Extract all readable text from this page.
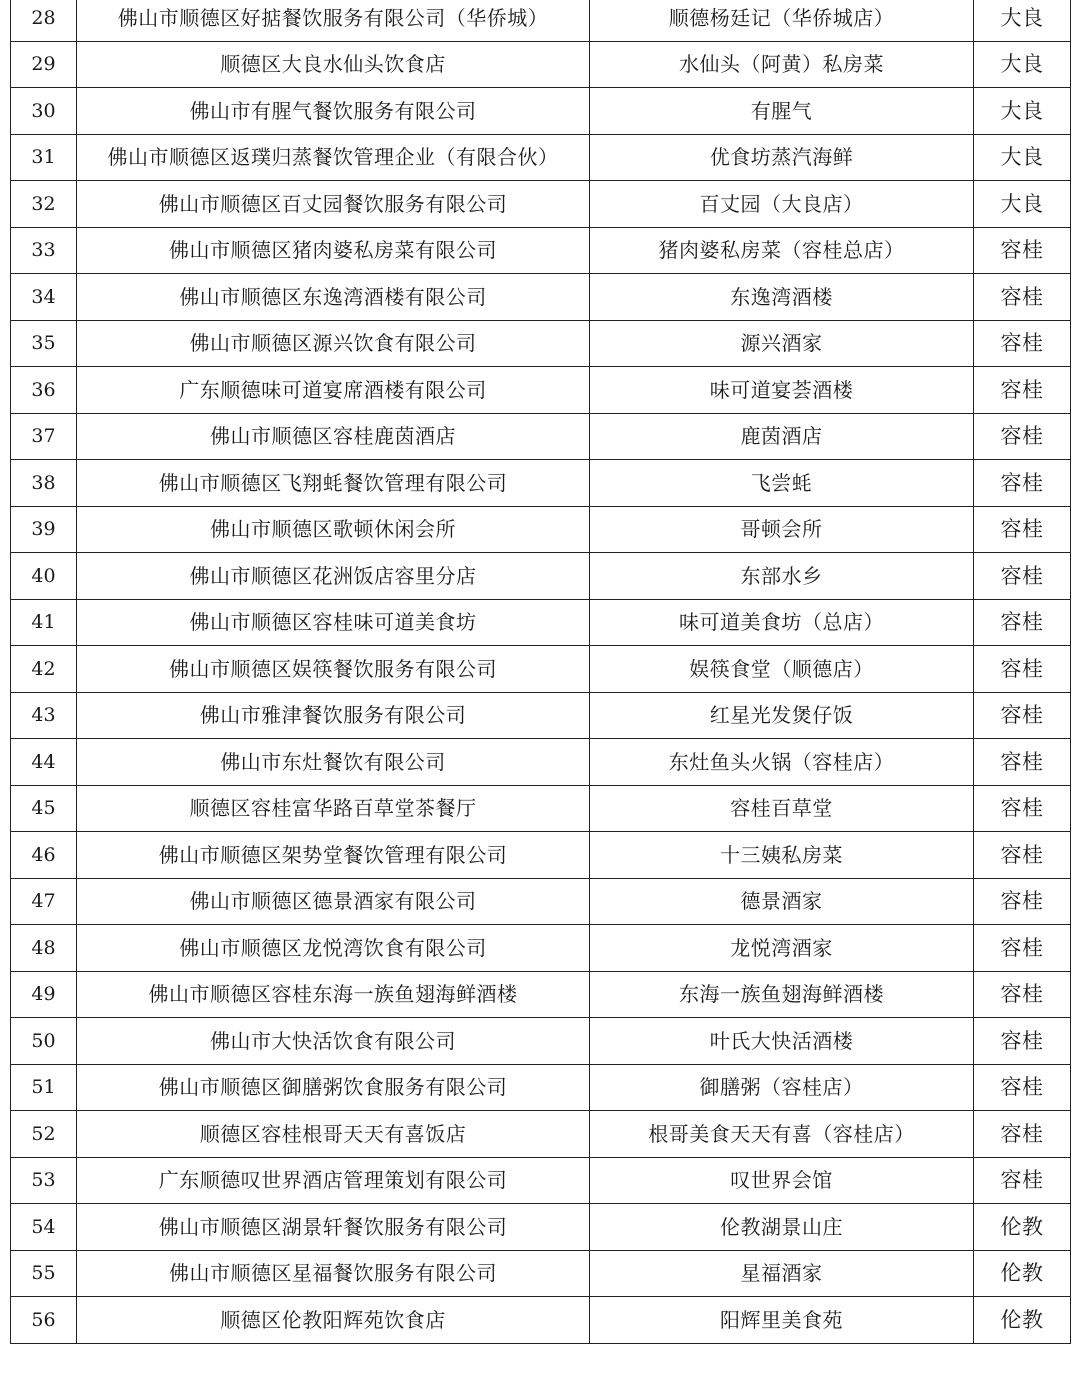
28	佛山市顺德区好掂餐饮服务有限公司（华侨城）	顺德杨廷记（华侨城店）	大良
29	顺德区大良水仙头饮食店	水仙头（阿黄）私房菜	大良
30	佛山市有腥气餐饮服务有限公司	有腥气	大良
31	佛山市顺德区返璞归蒸餐饮管理企业（有限合伙）	优食坊蒸汽海鲜	大良
32	佛山市顺德区百丈园餐饮服务有限公司	百丈园（大良店）	大良
33	佛山市顺德区猪肉婆私房菜有限公司	猪肉婆私房菜（容桂总店）	容桂
34	佛山市顺德区东逸湾酒楼有限公司	东逸湾酒楼	容桂
35	佛山市顺德区源兴饮食有限公司	源兴酒家	容桂
36	广东顺德味可道宴席酒楼有限公司	味可道宴荟酒楼	容桂
37	佛山市顺德区容桂鹿茵酒店	鹿茵酒店	容桂
38	佛山市顺德区飞翔蚝餐饮管理有限公司	飞尝蚝	容桂
39	佛山市顺德区歌顿休闲会所	哥顿会所	容桂
40	佛山市顺德区花洲饭店容里分店	东部水乡	容桂
41	佛山市顺德区容桂味可道美食坊	味可道美食坊（总店）	容桂
42	佛山市顺德区娱筷餐饮服务有限公司	娱筷食堂（顺德店）	容桂
43	佛山市雅津餐饮服务有限公司	红星光发煲仔饭	容桂
44	佛山市东灶餐饮有限公司	东灶鱼头火锅（容桂店）	容桂
45	顺德区容桂富华路百草堂茶餐厅	容桂百草堂	容桂
46	佛山市顺德区架势堂餐饮管理有限公司	十三姨私房菜	容桂
47	佛山市顺德区德景酒家有限公司	德景酒家	容桂
48	佛山市顺德区龙悦湾饮食有限公司	龙悦湾酒家	容桂
49	佛山市顺德区容桂东海一族鱼翅海鲜酒楼	东海一族鱼翅海鲜酒楼	容桂
50	佛山市大快活饮食有限公司	叶氏大快活酒楼	容桂
51	佛山市顺德区御膳粥饮食服务有限公司	御膳粥（容桂店）	容桂
52	顺德区容桂根哥天天有喜饭店	根哥美食天天有喜（容桂店）	容桂
53	广东顺德叹世界酒店管理策划有限公司	叹世界会馆	容桂
54	佛山市顺德区湖景轩餐饮服务有限公司	伦教湖景山庄	伦教
55	佛山市顺德区星福餐饮服务有限公司	星福酒家	伦教
56	顺德区伦教阳辉苑饮食店	阳辉里美食苑	伦教
